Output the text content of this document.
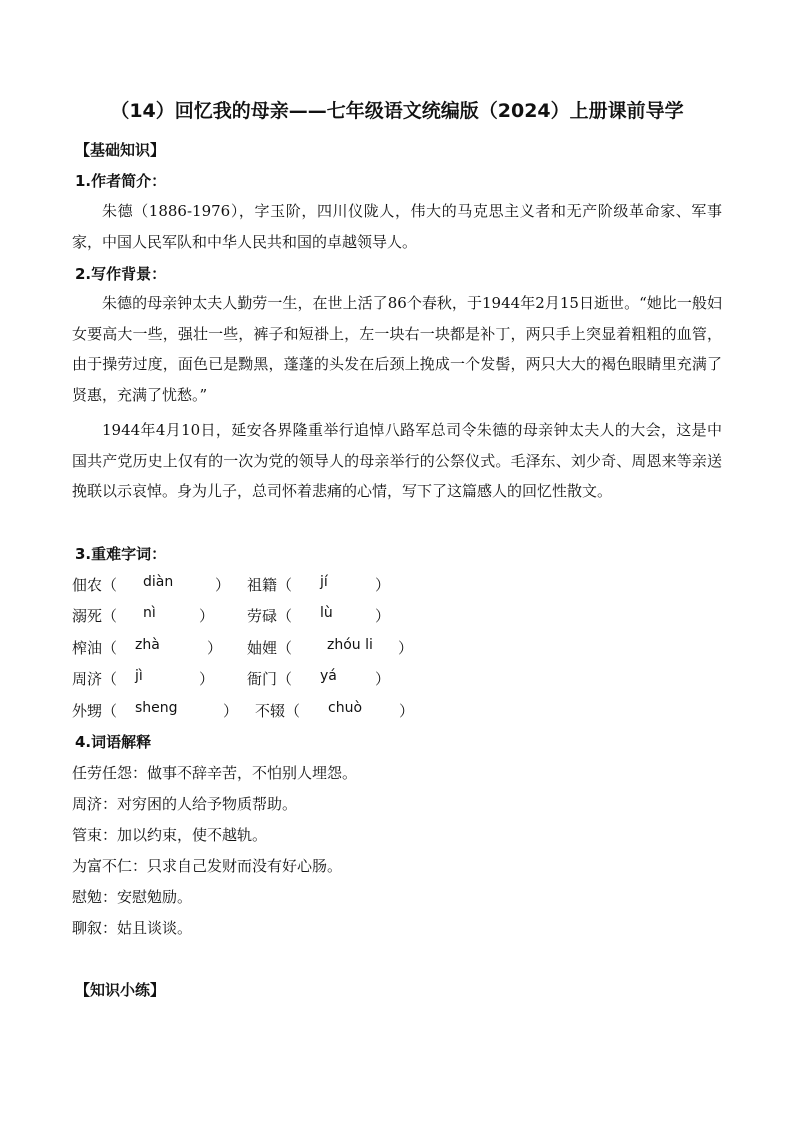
（14）回忆我的母亲——七年级语文统编版（2024）上册课前导学
【基础知识】
1.作者简介：
朱德（1886-1976），字玉阶，四川仪陇人，伟大的马克思主义者和无产阶级革命家、军事家，中国人民军队和中华人民共和国的卓越领导人。
2.写作背景：
朱德的母亲钟太夫人勤劳一生，在世上活了86个春秋，于1944年2月15日逝世。“她比一般妇女要高大一些，强壮一些，裤子和短褂上，左一块右一块都是补丁，两只手上突显着粗粗的血管，由于操劳过度，面色已是黝黑，蓬蓬的头发在后颈上挽成一个发髻，两只大大的褐色眼睛里充满了贤惠，充满了忧愁。”
1944年4月10日，延安各界隆重举行追悼八路军总司令朱德的母亲钟太夫人的大会，这是中国共产党历史上仅有的一次为党的领导人的母亲举行的公祭仪式。毛泽东、刘少奇、周恩来等亲送挽联以示哀悼。身为儿子，总司怀着悲痛的心情，写下了这篇感人的回忆性散文。
3.重难字词：
佃农（ diàn	） 祖籍（ jí	）
溺死（ nì	） 劳碌（ lù	）
榨油（ zhà	） 妯娌（ zhóu li ）
周济（ jì	） 衙门（ yá	）
外甥（ sheng	） 不辍（ chuò ）
4.词语解释
任劳任怨：做事不辞辛苦，不怕别人埋怨。
周济：对穷困的人给予物质帮助。
管束：加以约束，使不越轨。
为富不仁：只求自己发财而没有好心肠。
慰勉：安慰勉励。
聊叙：姑且谈谈。
【知识小练】
